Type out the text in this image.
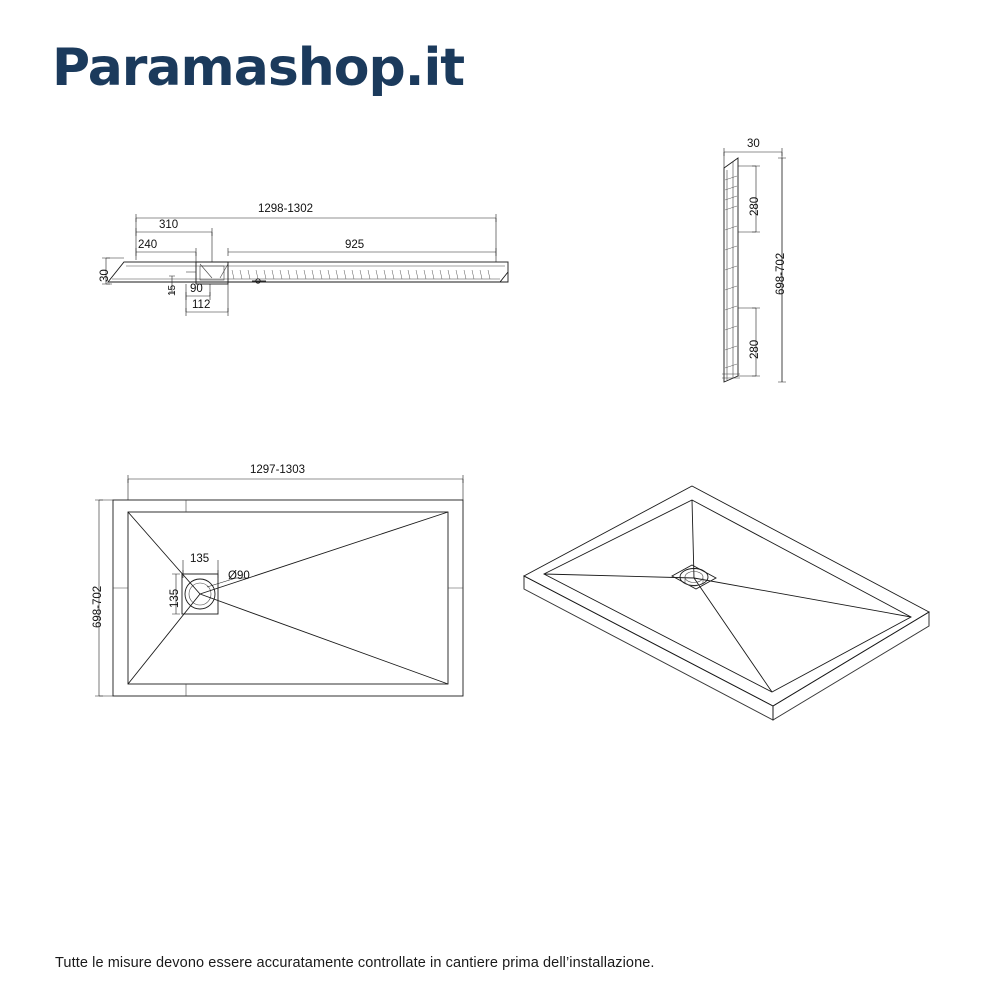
Paramashop.it
1298-1302
310
240	925
30
15 90
112
30
280
280
698-702
1297-1303
698-702
135
135
Ø90
Tutte le misure devono essere accuratamente controllate in cantiere prima dell’installazione.
